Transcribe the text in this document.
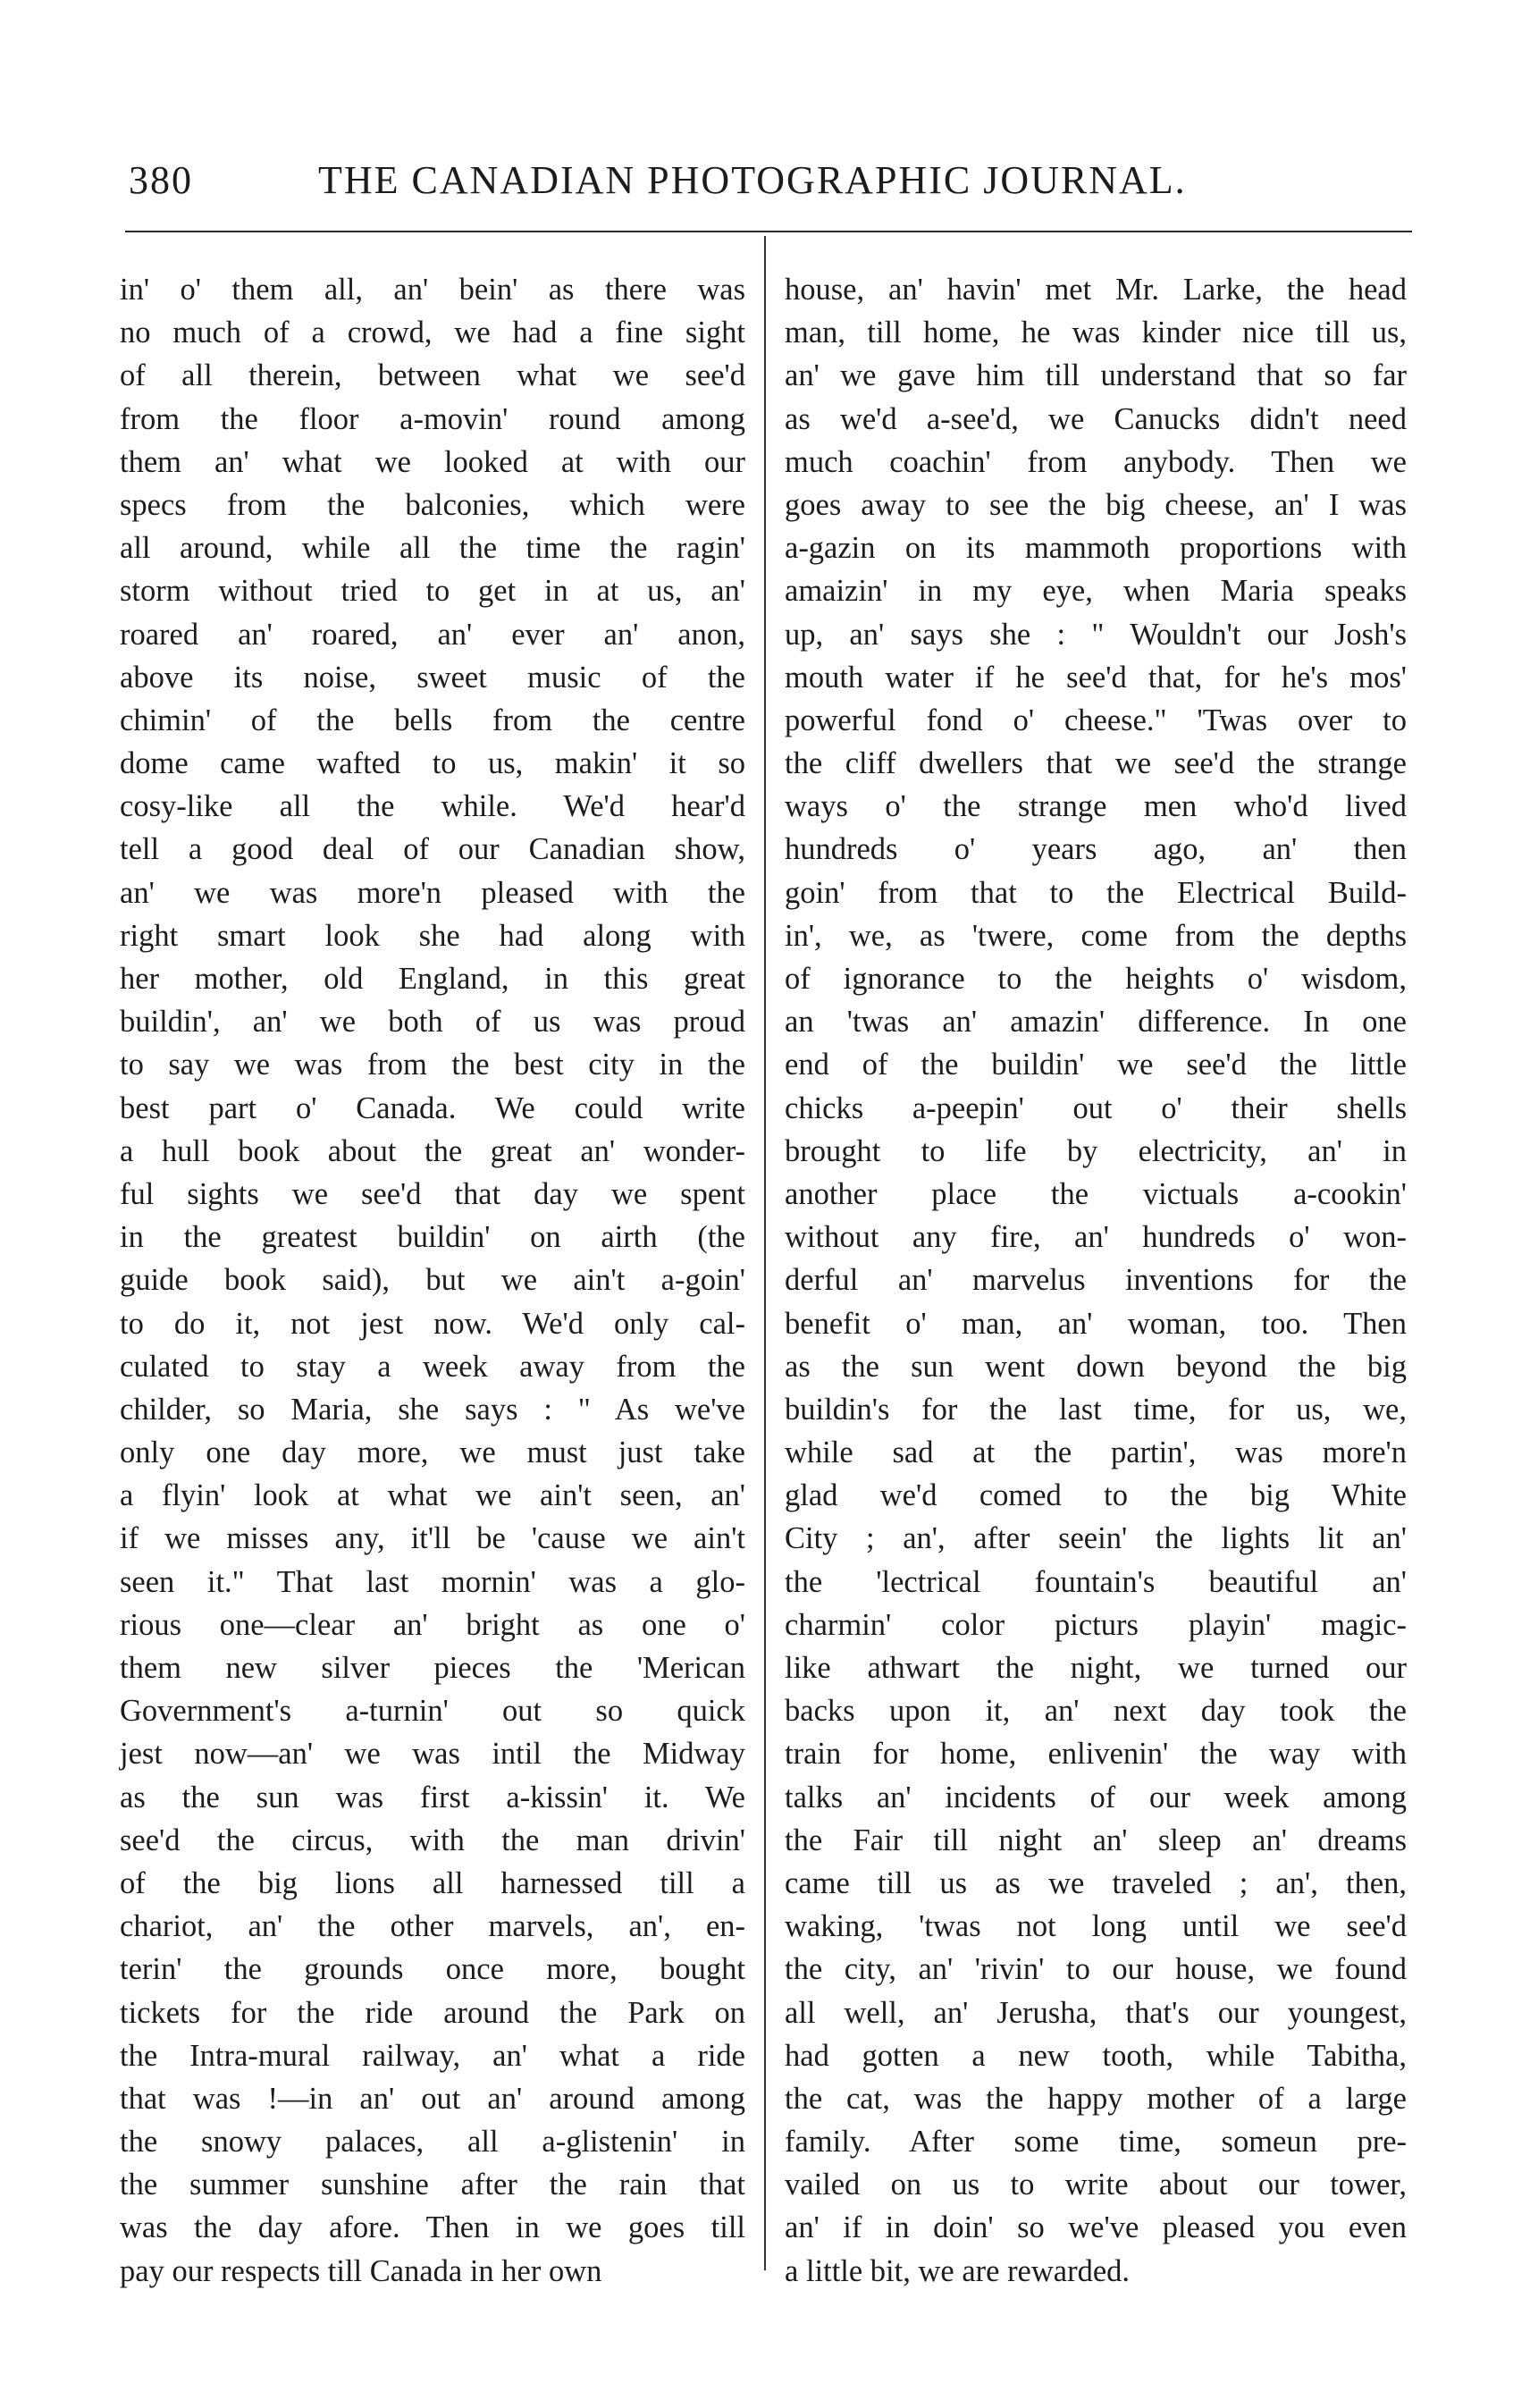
380	THE CANADIAN PHOTOGRAPHIC JOURNAL.
in' o' them all, an' bein' as there was
no much of a crowd, we had a fine sight
of all therein, between what we see'd
from the floor a-movin' round among
them an' what we looked at with our
specs from the balconies, which were
all around, while all the time the ragin'
storm without tried to get in at us, an'
roared an' roared, an' ever an' anon,
above its noise, sweet music of the
chimin' of the bells from the centre
dome came wafted to us, makin' it so
cosy-like all the while. We'd hear'd
tell a good deal of our Canadian show,
an' we was more'n pleased with the
right smart look she had along with
her mother, old England, in this great
buildin', an' we both of us was proud
to say we was from the best city in the
best part o' Canada. We could write
a hull book about the great an' wonder-
ful sights we see'd that day we spent
in the greatest buildin' on airth (the
guide book said), but we ain't a-goin'
to do it, not jest now. We'd only cal-
culated to stay a week away from the
childer, so Maria, she says : " As we've
only one day more, we must just take
a flyin' look at what we ain't seen, an'
if we misses any, it'll be 'cause we ain't
seen it." That last mornin' was a glo-
rious one—clear an' bright as one o'
them new silver pieces the 'Merican
Government's a-turnin' out so quick
jest now—an' we was intil the Midway
as the sun was first a-kissin' it. We
see'd the circus, with the man drivin'
of the big lions all harnessed till a
chariot, an' the other marvels, an', en-
terin' the grounds once more, bought
tickets for the ride around the Park on
the Intra-mural railway, an' what a ride
that was !—in an' out an' around among
the snowy palaces, all a-glistenin' in
the summer sunshine after the rain that
was the day afore. Then in we goes till
pay our respects till Canada in her own
house, an' havin' met Mr. Larke, the head
man, till home, he was kinder nice till us,
an' we gave him till understand that so far
as we'd a-see'd, we Canucks didn't need
much coachin' from anybody. Then we
goes away to see the big cheese, an' I was
a-gazin on its mammoth proportions with
amaizin' in my eye, when Maria speaks
up, an' says she : " Wouldn't our Josh's
mouth water if he see'd that, for he's mos'
powerful fond o' cheese." 'Twas over to
the cliff dwellers that we see'd the strange
ways o' the strange men who'd lived
hundreds o' years ago, an' then
goin' from that to the Electrical Build-
in', we, as 'twere, come from the depths
of ignorance to the heights o' wisdom,
an 'twas an' amazin' difference. In one
end of the buildin' we see'd the little
chicks a-peepin' out o' their shells
brought to life by electricity, an' in
another place the victuals a-cookin'
without any fire, an' hundreds o' won-
derful an' marvelus inventions for the
benefit o' man, an' woman, too. Then
as the sun went down beyond the big
buildin's for the last time, for us, we,
while sad at the partin', was more'n
glad we'd comed to the big White
City ; an', after seein' the lights lit an'
the 'lectrical fountain's beautiful an'
charmin' color picturs playin' magic-
like athwart the night, we turned our
backs upon it, an' next day took the
train for home, enlivenin' the way with
talks an' incidents of our week among
the Fair till night an' sleep an' dreams
came till us as we traveled ; an', then,
waking, 'twas not long until we see'd
the city, an' 'rivin' to our house, we found
all well, an' Jerusha, that's our youngest,
had gotten a new tooth, while Tabitha,
the cat, was the happy mother of a large
family. After some time, someun pre-
vailed on us to write about our tower,
an' if in doin' so we've pleased you even
a little bit, we are rewarded.
